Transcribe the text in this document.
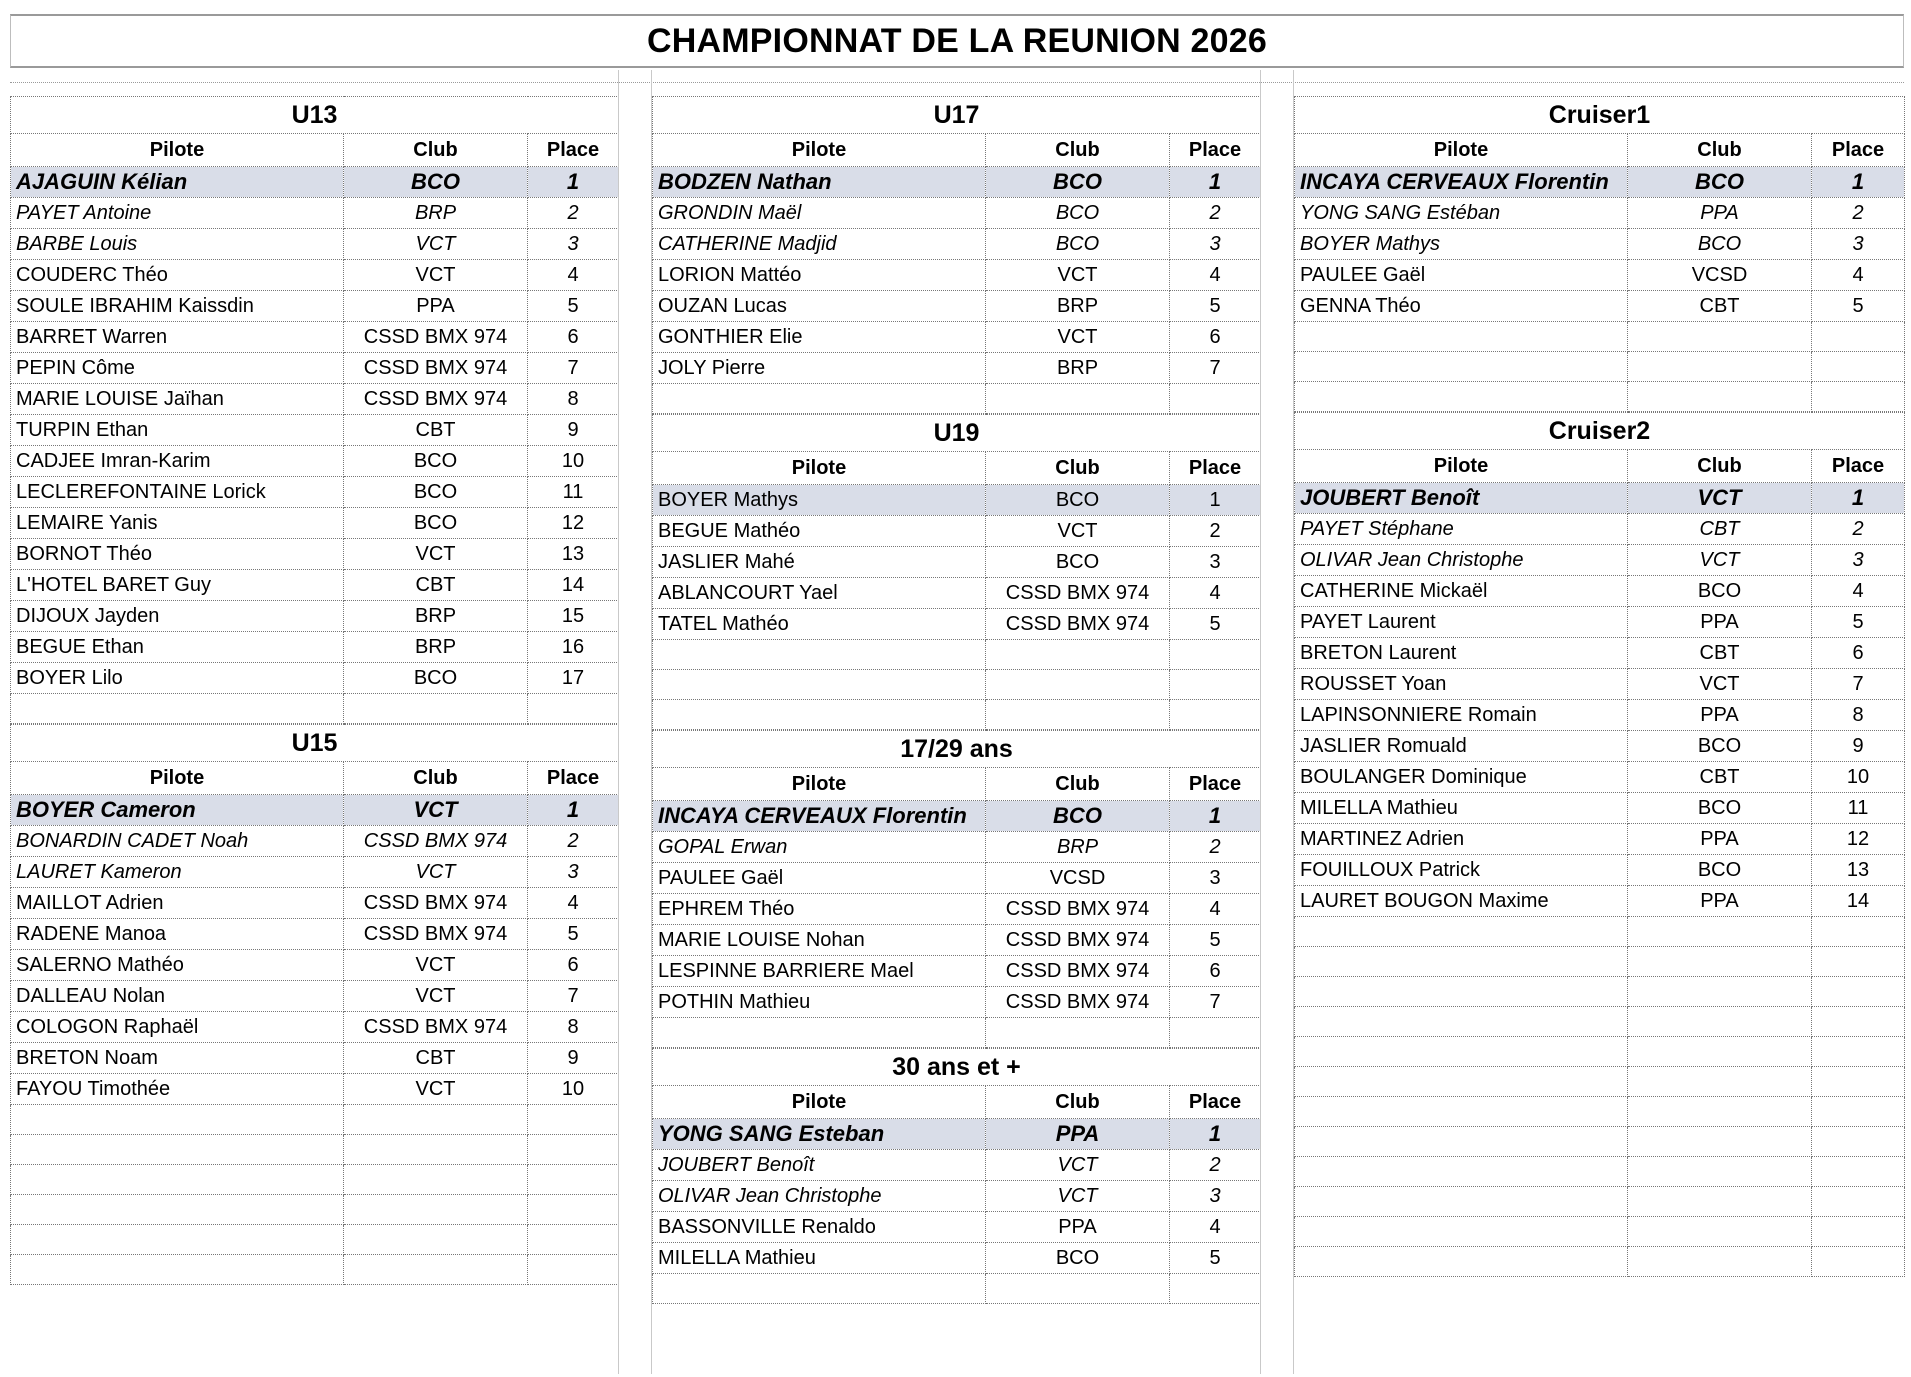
CHAMPIONNAT DE LA REUNION 2026
U13		
Pilote	Club	Place
AJAGUIN Kélian	BCO	1
PAYET Antoine	BRP	2
BARBE Louis	VCT	3
COUDERC Théo	VCT	4
SOULE IBRAHIM Kaissdin	PPA	5
BARRET Warren	CSSD BMX 974	6
PEPIN Côme	CSSD BMX 974	7
MARIE LOUISE Jaïhan	CSSD BMX 974	8
TURPIN Ethan	CBT	9
CADJEE Imran-Karim	BCO	10
LECLEREFONTAINE Lorick	BCO	11
LEMAIRE Yanis	BCO	12
BORNOT Théo	VCT	13
L'HOTEL BARET Guy	CBT	14
DIJOUX Jayden	BRP	15
BEGUE Ethan	BRP	16
BOYER Lilo	BCO	17

U15		
Pilote	Club	Place
BOYER Cameron	VCT	1
BONARDIN CADET Noah	CSSD BMX 974	2
LAURET Kameron	VCT	3
MAILLOT Adrien	CSSD BMX 974	4
RADENE Manoa	CSSD BMX 974	5
SALERNO Mathéo	VCT	6
DALLEAU Nolan	VCT	7
COLOGON Raphaël	CSSD BMX 974	8
BRETON Noam	CBT	9
FAYOU Timothée	VCT	10

U17		
Pilote	Club	Place
BODZEN Nathan	BCO	1
GRONDIN Maël	BCO	2
CATHERINE Madjid	BCO	3
LORION Mattéo	VCT	4
OUZAN Lucas	BRP	5
GONTHIER Elie	VCT	6
JOLY Pierre	BRP	7

U19		
Pilote	Club	Place
BOYER Mathys	BCO	1
BEGUE Mathéo	VCT	2
JASLIER Mahé	BCO	3
ABLANCOURT Yael	CSSD BMX 974	4
TATEL Mathéo	CSSD BMX 974	5

17/29 ans		
Pilote	Club	Place
INCAYA CERVEAUX Florentin	BCO	1
GOPAL Erwan	BRP	2
PAULEE Gaël	VCSD	3
EPHREM Théo	CSSD BMX 974	4
MARIE LOUISE Nohan	CSSD BMX 974	5
LESPINNE BARRIERE Mael	CSSD BMX 974	6
POTHIN Mathieu	CSSD BMX 974	7

30 ans et +		
Pilote	Club	Place
YONG SANG Esteban	PPA	1
JOUBERT Benoît	VCT	2
OLIVAR Jean Christophe	VCT	3
BASSONVILLE Renaldo	PPA	4
MILELLA Mathieu	BCO	5

Cruiser1		
Pilote	Club	Place
INCAYA CERVEAUX Florentin	BCO	1
YONG SANG Estéban	PPA	2
BOYER Mathys	BCO	3
PAULEE Gaël	VCSD	4
GENNA Théo	CBT	5

Cruiser2		
Pilote	Club	Place
JOUBERT Benoît	VCT	1
PAYET Stéphane	CBT	2
OLIVAR Jean Christophe	VCT	3
CATHERINE Mickaël	BCO	4
PAYET Laurent	PPA	5
BRETON Laurent	CBT	6
ROUSSET Yoan	VCT	7
LAPINSONNIERE Romain	PPA	8
JASLIER Romuald	BCO	9
BOULANGER Dominique	CBT	10
MILELLA Mathieu	BCO	11
MARTINEZ Adrien	PPA	12
FOUILLOUX Patrick	BCO	13
LAURET BOUGON Maxime	PPA	14
